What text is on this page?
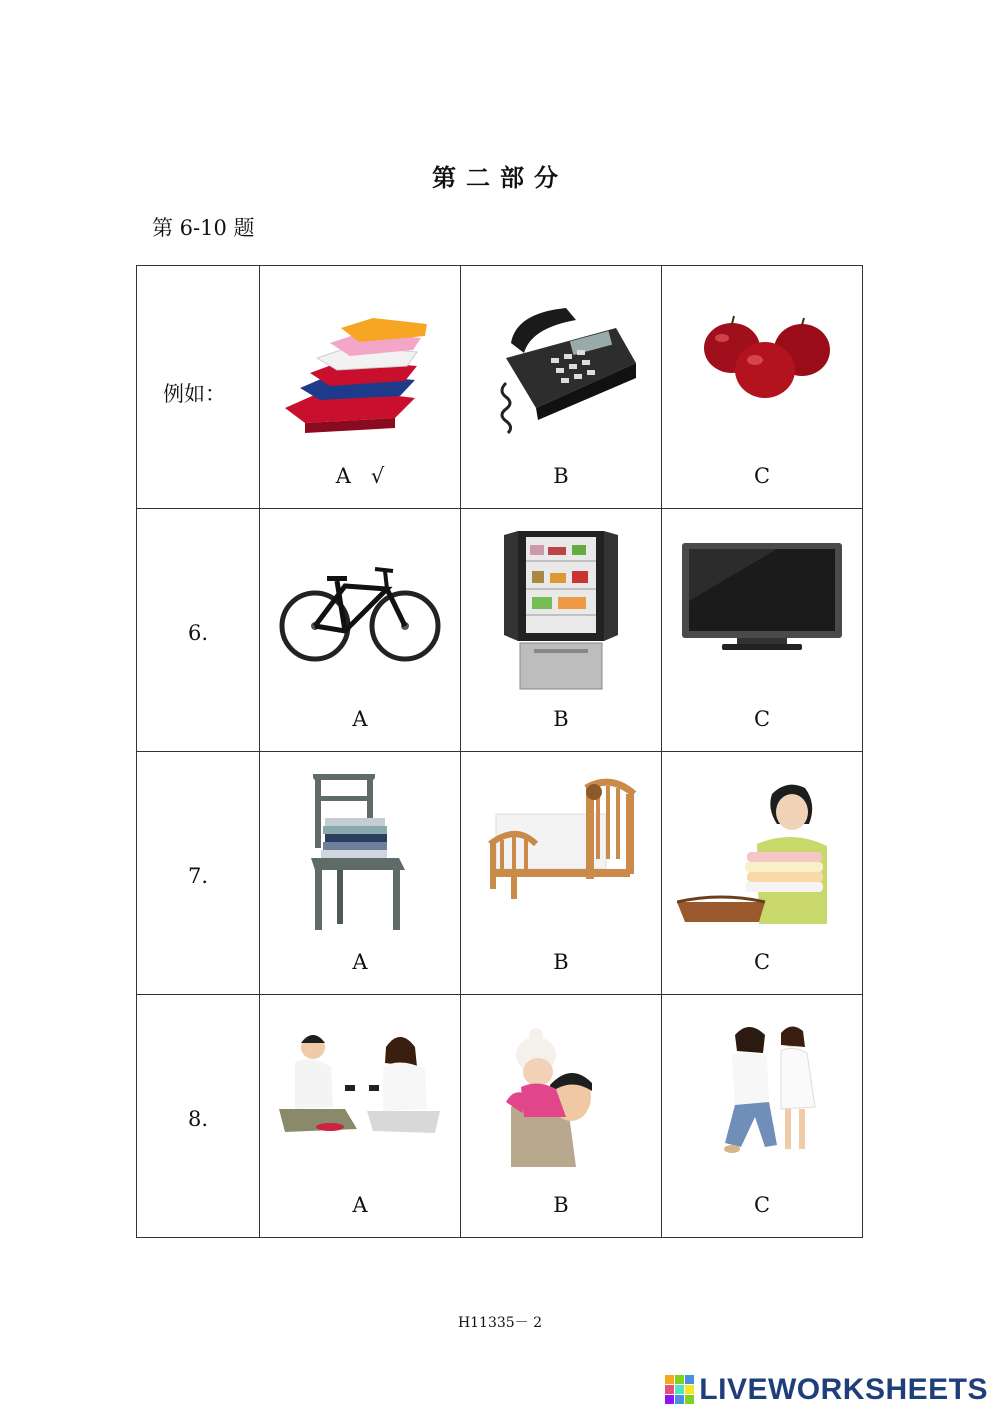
第二部分
第 6-10 题
例如：	A √	B	C

6.	A	B	C

7.	A	B	C

8.	A	B	C
H11335－ 2
LIVEWORKSHEETS
